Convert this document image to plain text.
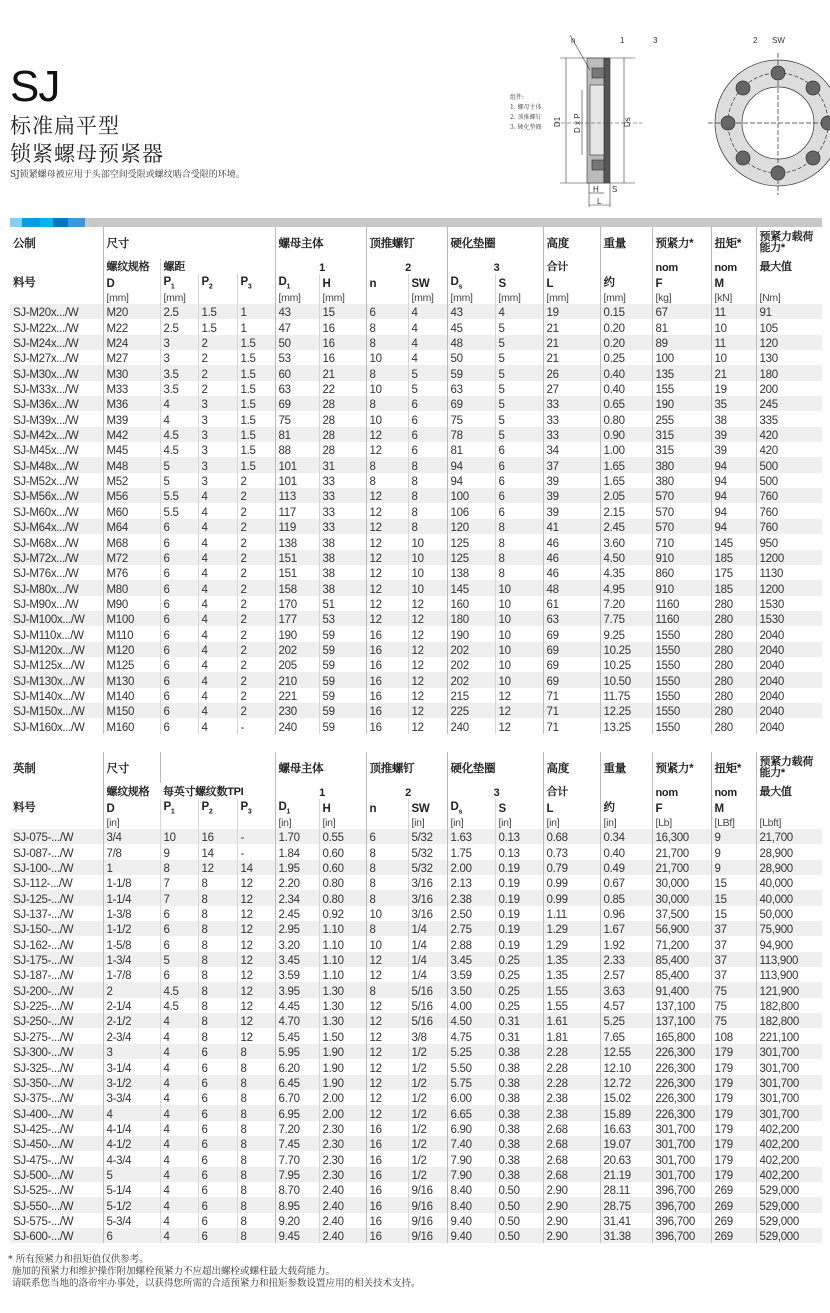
SJ
标准扁平型
锁紧螺母预紧器
SJ锁紧螺母被应用于头部空间受限或螺纹啮合受限的环境。
组件:
1. 螺母主体
2. 顶推螺钉
3. 硬化垫圈
n	1	3
D1 D x P	Ds
H S
L
2 SW
公制	尺寸				螺母主体		顶推螺钉		硬化垫圈		高度	重量	预紧力*	扭矩*	预紧力载荷能力*
	螺纹规格	螺距			1		2		3		合计		nom	nom	最大值
料号	D	$P_1$	$P_2$	$P_3$	$D_1$	H	n	SW	$D_s$	S	L	约	F	M	
	[mm]	[mm]			[mm]	[mm]		[mm]	[mm]	[mm]	[mm]	[mm]	[kg]	[kN]	[Nm]
SJ-M20x.../W	M20	2.5	1.5	1	43	15	6	4	43	4	19	0.15	67	11	91
SJ-M22x.../W	M22	2.5	1.5	1	47	16	8	4	45	5	21	0.20	81	10	105
SJ-M24x.../W	M24	3	2	1.5	50	16	8	4	48	5	21	0.20	89	11	120
SJ-M27x.../W	M27	3	2	1.5	53	16	10	4	50	5	21	0.25	100	10	130
SJ-M30x.../W	M30	3.5	2	1.5	60	21	8	5	59	5	26	0.40	135	21	180
SJ-M33x.../W	M33	3.5	2	1.5	63	22	10	5	63	5	27	0.40	155	19	200
SJ-M36x.../W	M36	4	3	1.5	69	28	8	6	69	5	33	0.65	190	35	245
SJ-M39x.../W	M39	4	3	1.5	75	28	10	6	75	5	33	0.80	255	38	335
SJ-M42x.../W	M42	4.5	3	1.5	81	28	12	6	78	5	33	0.90	315	39	420
SJ-M45x.../W	M45	4.5	3	1.5	88	28	12	6	81	6	34	1.00	315	39	420
SJ-M48x.../W	M48	5	3	1.5	101	31	8	8	94	6	37	1.65	380	94	500
SJ-M52x.../W	M52	5	3	2	101	33	8	8	94	6	39	1.65	380	94	500
SJ-M56x.../W	M56	5.5	4	2	113	33	12	8	100	6	39	2.05	570	94	760
SJ-M60x.../W	M60	5.5	4	2	117	33	12	8	106	6	39	2.15	570	94	760
SJ-M64x.../W	M64	6	4	2	119	33	12	8	120	8	41	2.45	570	94	760
SJ-M68x.../W	M68	6	4	2	138	38	12	10	125	8	46	3.60	710	145	950
SJ-M72x.../W	M72	6	4	2	151	38	12	10	125	8	46	4.50	910	185	1200
SJ-M76x.../W	M76	6	4	2	151	38	12	10	138	8	46	4.35	860	175	1130
SJ-M80x.../W	M80	6	4	2	158	38	12	10	145	10	48	4.95	910	185	1200
SJ-M90x.../W	M90	6	4	2	170	51	12	12	160	10	61	7.20	1160	280	1530
SJ-M100x.../W	M100	6	4	2	177	53	12	12	180	10	63	7.75	1160	280	1530
SJ-M110x.../W	M110	6	4	2	190	59	16	12	190	10	69	9.25	1550	280	2040
SJ-M120x.../W	M120	6	4	2	202	59	16	12	202	10	69	10.25	1550	280	2040
SJ-M125x.../W	M125	6	4	2	205	59	16	12	202	10	69	10.25	1550	280	2040
SJ-M130x.../W	M130	6	4	2	210	59	16	12	202	10	69	10.50	1550	280	2040
SJ-M140x.../W	M140	6	4	2	221	59	16	12	215	12	71	11.75	1550	280	2040
SJ-M150x.../W	M150	6	4	2	230	59	16	12	225	12	71	12.25	1550	280	2040
SJ-M160x.../W	M160	6	4	-	240	59	16	12	240	12	71	13.25	1550	280	2040
英制	尺寸				螺母主体		顶推螺钉		硬化垫圈		高度	重量	预紧力*	扭矩*	预紧力载荷能力*
	螺纹规格	每英寸螺纹数TPI			1		2		3		合计		nom	nom	最大值
料号	D	$P_1$	$P_2$	$P_3$	$D_1$	H	n	SW	$D_s$	S	L	约	F	M	
	[in]				[in]	[in]		[in]	[in]	[in]	[in]	[in]	[Lb]	[LBf]	[Lbft]
SJ-075-.../W	3/4	10	16	-	1.70	0.55	6	5/32	1.63	0.13	0.68	0.34	16,300	9	21,700
SJ-087-.../W	7/8	9	14	-	1.84	0.60	8	5/32	1.75	0.13	0.73	0.40	21,700	9	28,900
SJ-100-.../W	1	8	12	14	1.95	0.60	8	5/32	2.00	0.19	0.79	0.49	21,700	9	28,900
SJ-112-.../W	1-1/8	7	8	12	2.20	0.80	8	3/16	2.13	0.19	0.99	0.67	30,000	15	40,000
SJ-125-.../W	1-1/4	7	8	12	2.34	0.80	8	3/16	2.38	0.19	0.99	0.85	30,000	15	40,000
SJ-137-.../W	1-3/8	6	8	12	2.45	0.92	10	3/16	2.50	0.19	1.11	0.96	37,500	15	50,000
SJ-150-.../W	1-1/2	6	8	12	2.95	1.10	8	1/4	2.75	0.19	1.29	1.67	56,900	37	75,900
SJ-162-.../W	1-5/8	6	8	12	3.20	1.10	10	1/4	2.88	0.19	1.29	1.92	71,200	37	94,900
SJ-175-.../W	1-3/4	5	8	12	3.45	1.10	12	1/4	3.45	0.25	1.35	2.33	85,400	37	113,900
SJ-187-.../W	1-7/8	6	8	12	3.59	1.10	12	1/4	3.59	0.25	1.35	2.57	85,400	37	113,900
SJ-200-.../W	2	4.5	8	12	3.95	1.30	8	5/16	3.50	0.25	1.55	3.63	91,400	75	121,900
SJ-225-.../W	2-1/4	4.5	8	12	4.45	1.30	12	5/16	4.00	0.25	1.55	4.57	137,100	75	182,800
SJ-250-.../W	2-1/2	4	8	12	4.70	1.30	12	5/16	4.50	0.31	1.61	5.25	137,100	75	182,800
SJ-275-.../W	2-3/4	4	8	12	5.45	1.50	12	3/8	4.75	0.31	1.81	7.65	165,800	108	221,100
SJ-300-.../W	3	4	6	8	5.95	1.90	12	1/2	5.25	0.38	2.28	12.55	226,300	179	301,700
SJ-325-.../W	3-1/4	4	6	8	6.20	1.90	12	1/2	5.50	0.38	2.28	12.10	226,300	179	301,700
SJ-350-.../W	3-1/2	4	6	8	6.45	1.90	12	1/2	5.75	0.38	2.28	12.72	226,300	179	301,700
SJ-375-.../W	3-3/4	4	6	8	6.70	2.00	12	1/2	6.00	0.38	2.38	15.02	226,300	179	301,700
SJ-400-.../W	4	4	6	8	6.95	2.00	12	1/2	6.65	0.38	2.38	15.89	226,300	179	301,700
SJ-425-.../W	4-1/4	4	6	8	7.20	2.30	16	1/2	6.90	0.38	2.68	16.63	301,700	179	402,200
SJ-450-.../W	4-1/2	4	6	8	7.45	2.30	16	1/2	7.40	0.38	2.68	19.07	301,700	179	402,200
SJ-475-.../W	4-3/4	4	6	8	7.70	2.30	16	1/2	7.90	0.38	2.68	20.63	301,700	179	402,200
SJ-500-.../W	5	4	6	8	7.95	2.30	16	1/2	7.90	0.38	2.68	21.19	301,700	179	402,200
SJ-525-.../W	5-1/4	4	6	8	8.70	2.40	16	9/16	8.40	0.50	2.90	28.11	396,700	269	529,000
SJ-550-.../W	5-1/2	4	6	8	8.95	2.40	16	9/16	8.40	0.50	2.90	28.75	396,700	269	529,000
SJ-575-.../W	5-3/4	4	6	8	9.20	2.40	16	9/16	9.40	0.50	2.90	31.41	396,700	269	529,000
SJ-600-.../W	6	4	6	8	9.45	2.40	16	9/16	9.40	0.50	2.90	31.38	396,700	269	529,000
* 所有预紧力和扭矩值仅供参考。
施加的预紧力和维护操作附加螺栓预紧力不应超出螺栓或螺柱最大载荷能力。
请联系您当地的洛帝牢办事处，以获得您所需的合适预紧力和扭矩参数设置应用的相关技术支持。
